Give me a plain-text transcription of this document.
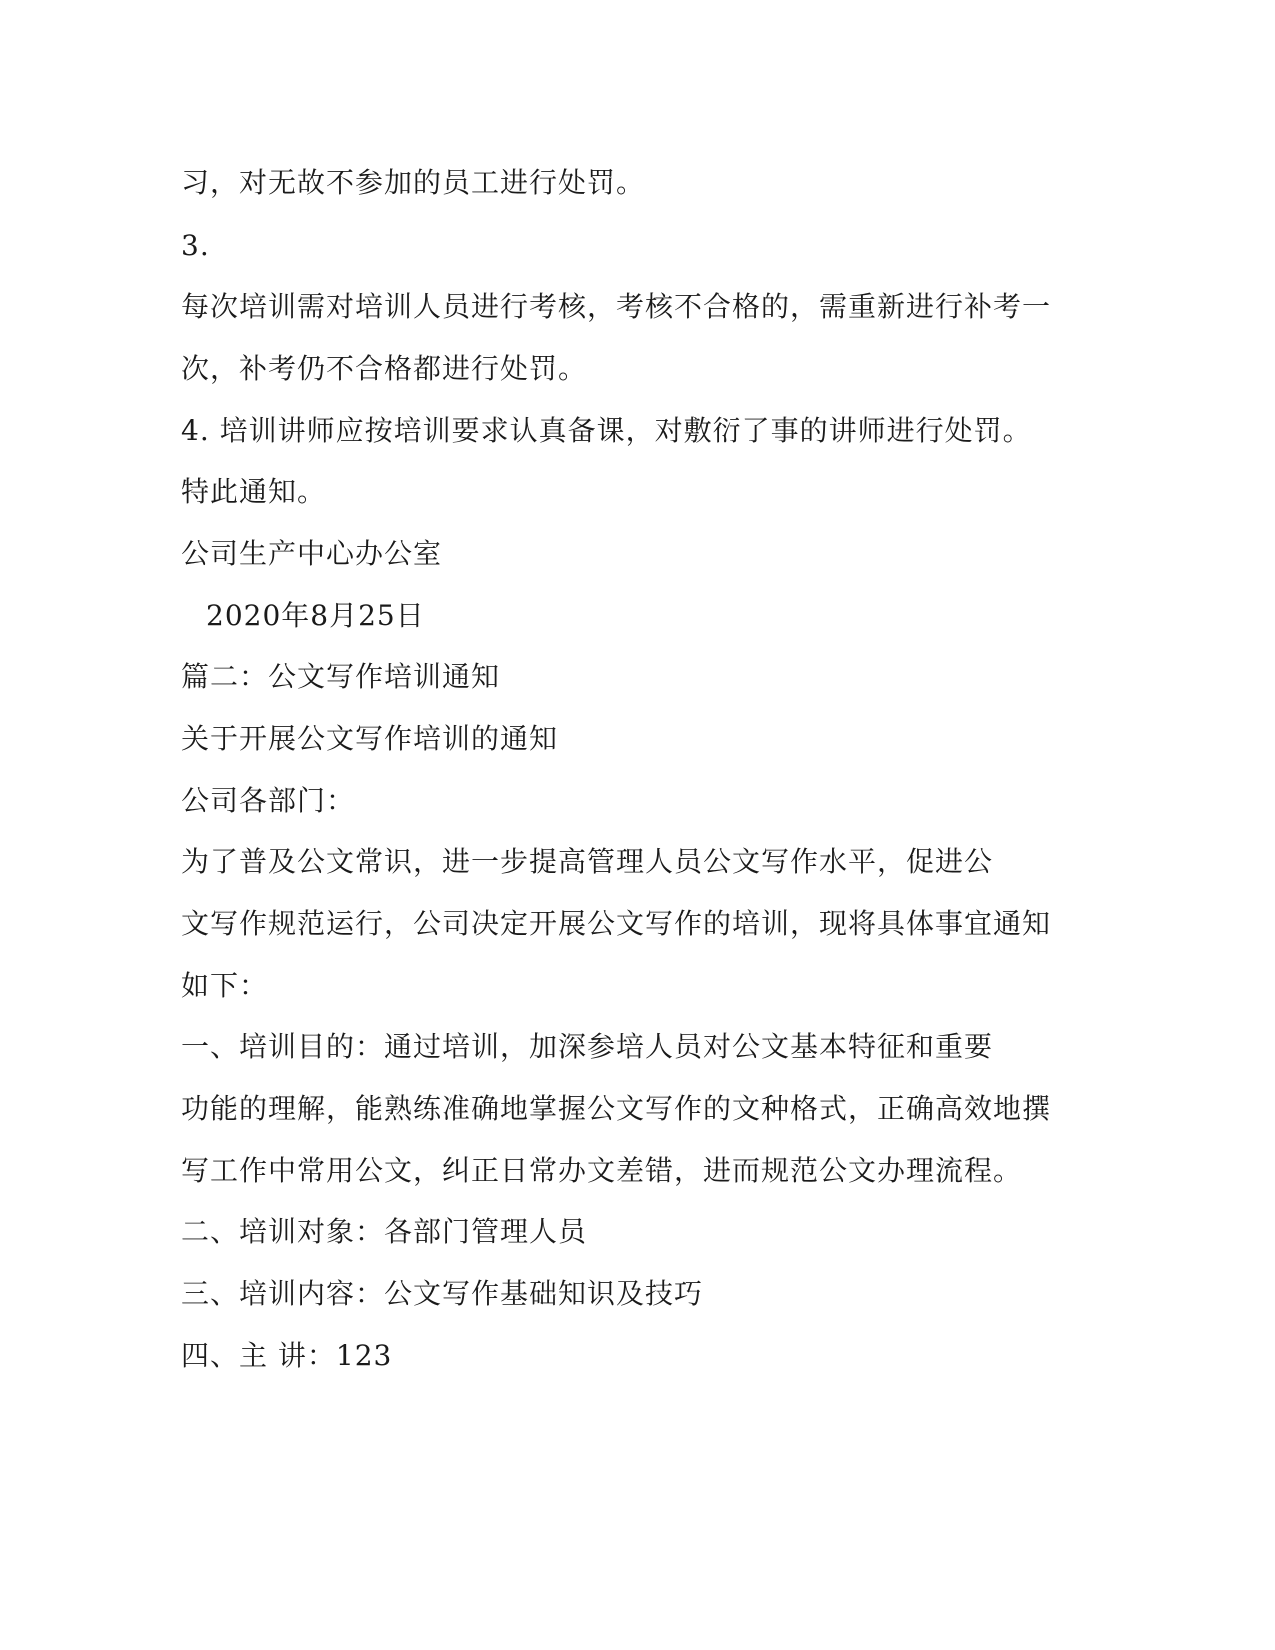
习，对无故不参加的员工进行处罚。

3.

每次培训需对培训人员进行考核，考核不合格的，需重新进行补考一

次，补考仍不合格都进行处罚。

4. 培训讲师应按培训要求认真备课，对敷衍了事的讲师进行处罚。

特此通知。

公司生产中心办公室

2020年8月25日

篇二：公文写作培训通知

关于开展公文写作培训的通知

公司各部门：

为了普及公文常识，进一步提高管理人员公文写作水平，促进公

文写作规范运行，公司决定开展公文写作的培训，现将具体事宜通知

如下：

一、培训目的：通过培训，加深参培人员对公文基本特征和重要

功能的理解，能熟练准确地掌握公文写作的文种格式，正确高效地撰

写工作中常用公文，纠正日常办文差错，进而规范公文办理流程。

二、培训对象：各部门管理人员

三、培训内容：公文写作基础知识及技巧

四、主 讲：123
